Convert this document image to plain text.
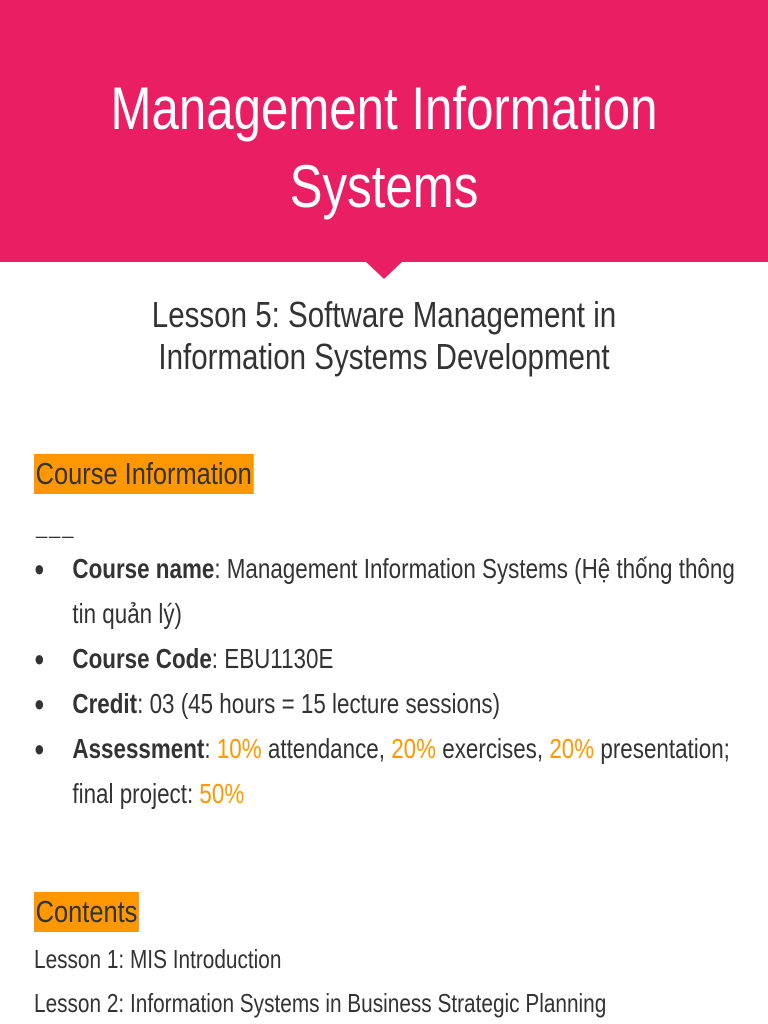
Management Information Systems
Lesson 5: Software Management in Information Systems Development
Course Information
___
● Course name: Management Information Systems (Hệ thống thông tin quản lý)
● Course Code: EBU1130E
● Credit: 03 (45 hours = 15 lecture sessions)
● Assessment: 10% attendance, 20% exercises, 20% presentation; final project: 50%
Contents
Lesson 1: MIS Introduction
Lesson 2: Information Systems in Business Strategic Planning
